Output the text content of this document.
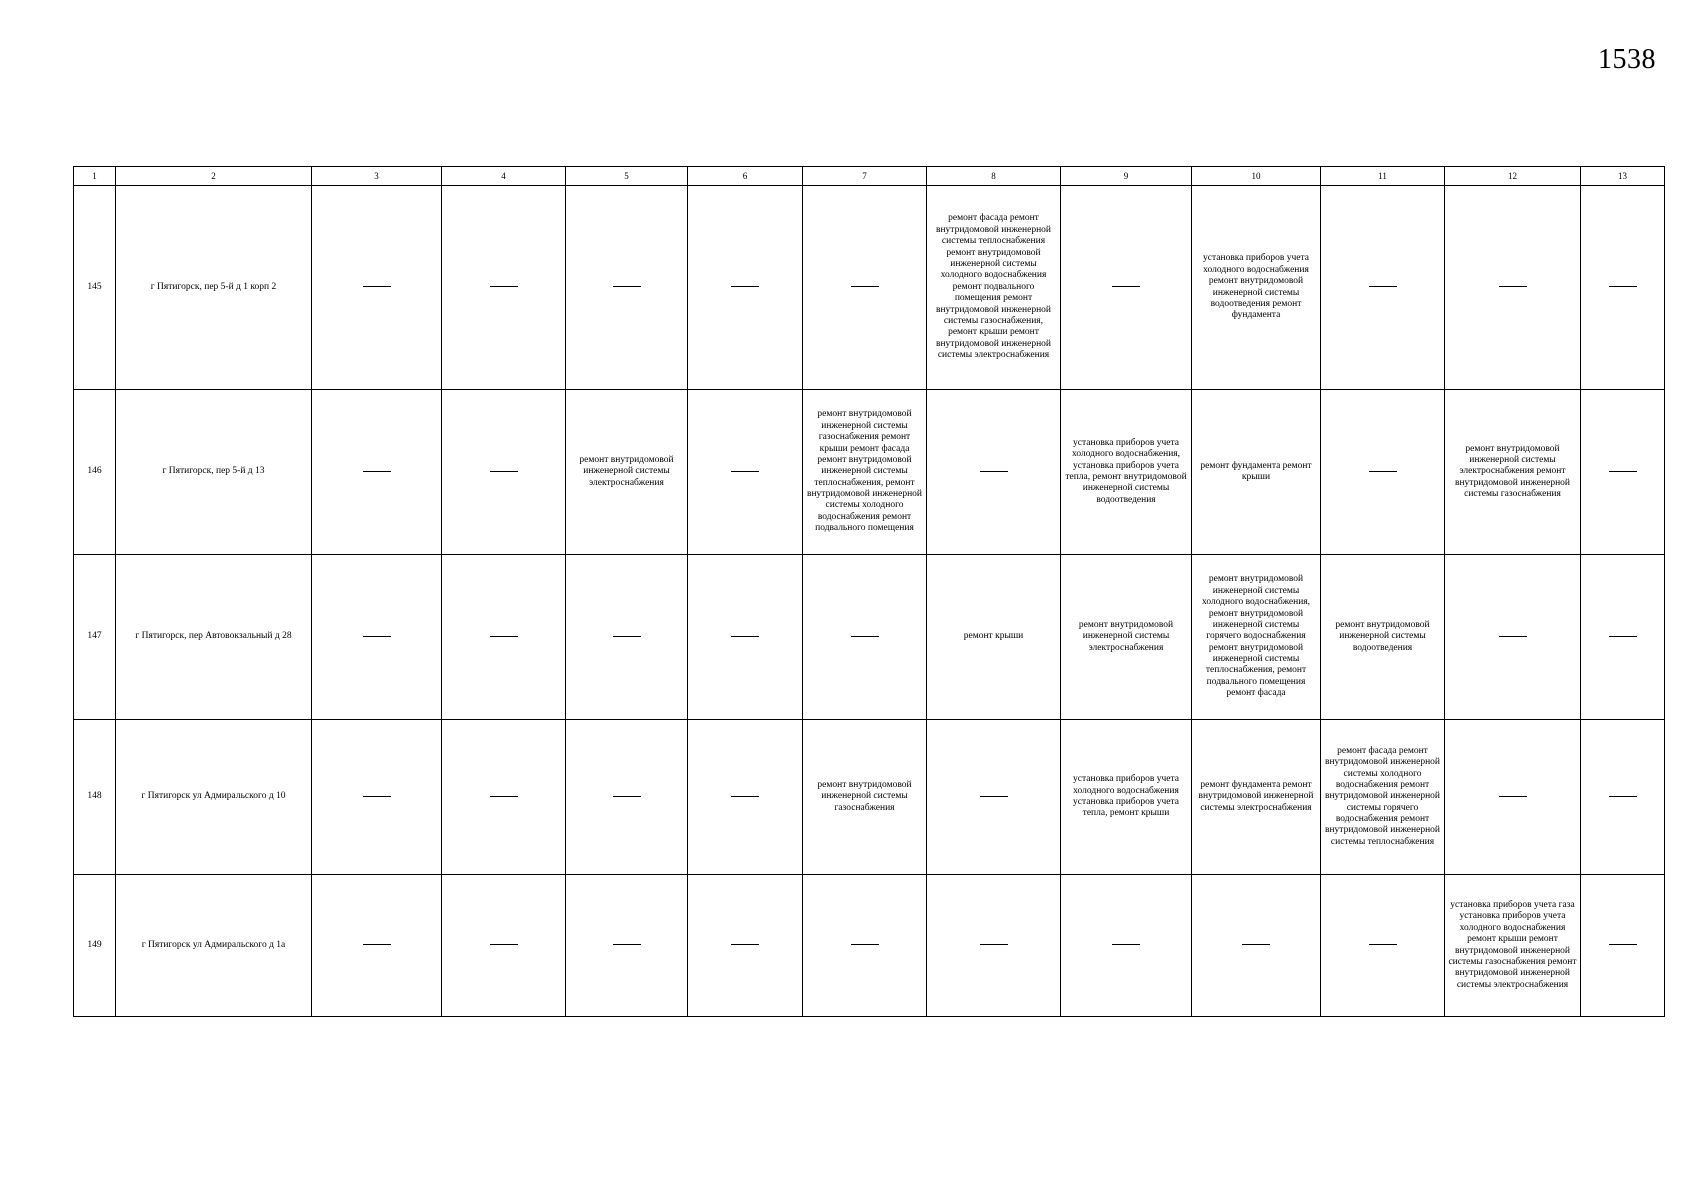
1538
1	2	3	4	5	6	7	8	9	10	11	12	13
145	г Пятигорск, пер 5-й д 1 корп 2						ремонт фасада ремонт внутридомовой инженерной системы теплоснабжения ремонт внутридомовой инженерной системы холодного водоснабжения ремонт подвального помещения ремонт внутридомовой инженерной системы газоснабжения, ремонт крыши ремонт внутридомовой инженерной системы электроснабжения		установка приборов учета холодного водоснабжения ремонт внутридомовой инженерной системы водоотведения ремонт фундамента			

146	г Пятигорск, пер 5-й д 13			ремонт внутридомовой инженерной системы электроснабжения		ремонт внутридомовой инженерной системы газоснабжения ремонт крыши ремонт фасада ремонт внутридомовой инженерной системы теплоснабжения, ремонт внутридомовой инженерной системы холодного водоснабжения ремонт подвального помещения		установка приборов учета холодного водоснабжения, установка приборов учета тепла, ремонт внутридомовой инженерной системы водоотведения	ремонт фундамента ремонт крыши		ремонт внутридомовой инженерной системы электроснабжения ремонт внутридомовой инженерной системы газоснабжения	

147	г Пятигорск, пер Автовокзальный д 28						ремонт крыши	ремонт внутридомовой инженерной системы электроснабжения	ремонт внутридомовой инженерной системы холодного водоснабжения, ремонт внутридомовой инженерной системы горячего водоснабжения ремонт внутридомовой инженерной системы теплоснабжения, ремонт подвального помещения ремонт фасада	ремонт внутридомовой инженерной системы водоотведения		

148	г Пятигорск ул Адмиральского д 10					ремонт внутридомовой инженерной системы газоснабжения		установка приборов учета холодного водоснабжения установка приборов учета тепла, ремонт крыши	ремонт фундамента ремонт внутридомовой инженерной системы электроснабжения	ремонт фасада ремонт внутридомовой инженерной системы холодного водоснабжения ремонт внутридомовой инженерной системы горячего водоснабжения ремонт внутридомовой инженерной системы теплоснабжения		

149	г Пятигорск ул Адмиральского д 1а										установка приборов учета газа установка приборов учета холодного водоснабжения ремонт крыши ремонт внутридомовой инженерной системы газоснабжения ремонт внутридомовой инженерной системы электроснабжения	
